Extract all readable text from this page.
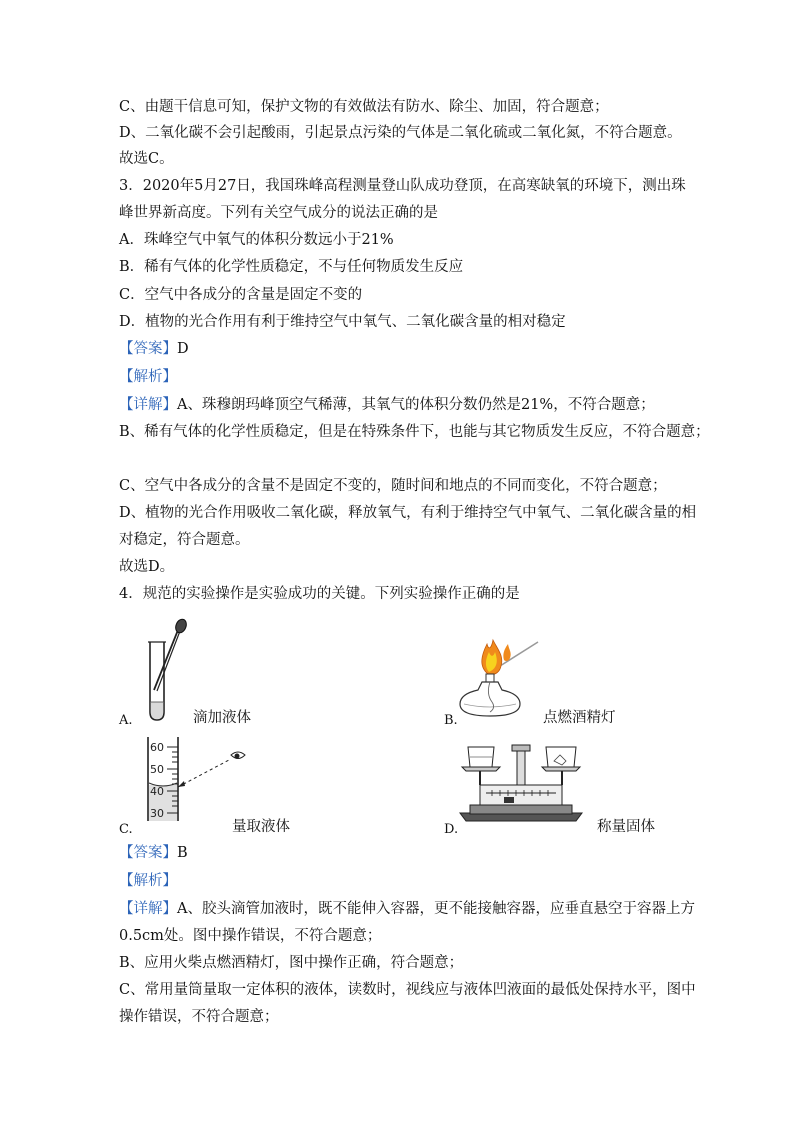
C、由题干信息可知，保护文物的有效做法有防水、除尘、加固，符合题意；
D、二氧化碳不会引起酸雨，引起景点污染的气体是二氧化硫或二氧化氮，不符合题意。
故选C。
3．2020年5月27日，我国珠峰高程测量登山队成功登顶，在高寒缺氧的环境下，测出珠
峰世界新高度。下列有关空气成分的说法正确的是
A．珠峰空气中氧气的体积分数远小于21%
B．稀有气体的化学性质稳定，不与任何物质发生反应
C．空气中各成分的含量是固定不变的
D．植物的光合作用有利于维持空气中氧气、二氧化碳含量的相对稳定
【答案】D
【解析】
【详解】A、珠穆朗玛峰顶空气稀薄，其氧气的体积分数仍然是21%，不符合题意；
B、稀有气体的化学性质稳定，但是在特殊条件下，也能与其它物质发生反应，不符合题意；
C、空气中各成分的含量不是固定不变的，随时间和地点的不同而变化，不符合题意；
D、植物的光合作用吸收二氧化碳，释放氧气，有利于维持空气中氧气、二氧化碳含量的相
对稳定，符合题意。
故选D。
4．规范的实验操作是实验成功的关键。下列实验操作正确的是
A.	滴加液体	B.	点燃酒精灯
60
50
40
30
C.	量取液体	D.	称量固体
【答案】B
【解析】
【详解】A、胶头滴管加液时，既不能伸入容器，更不能接触容器，应垂直悬空于容器上方
0.5cm处。图中操作错误，不符合题意；
B、应用火柴点燃酒精灯，图中操作正确，符合题意；
C、常用量筒量取一定体积的液体，读数时，视线应与液体凹液面的最低处保持水平，图中
操作错误，不符合题意；
